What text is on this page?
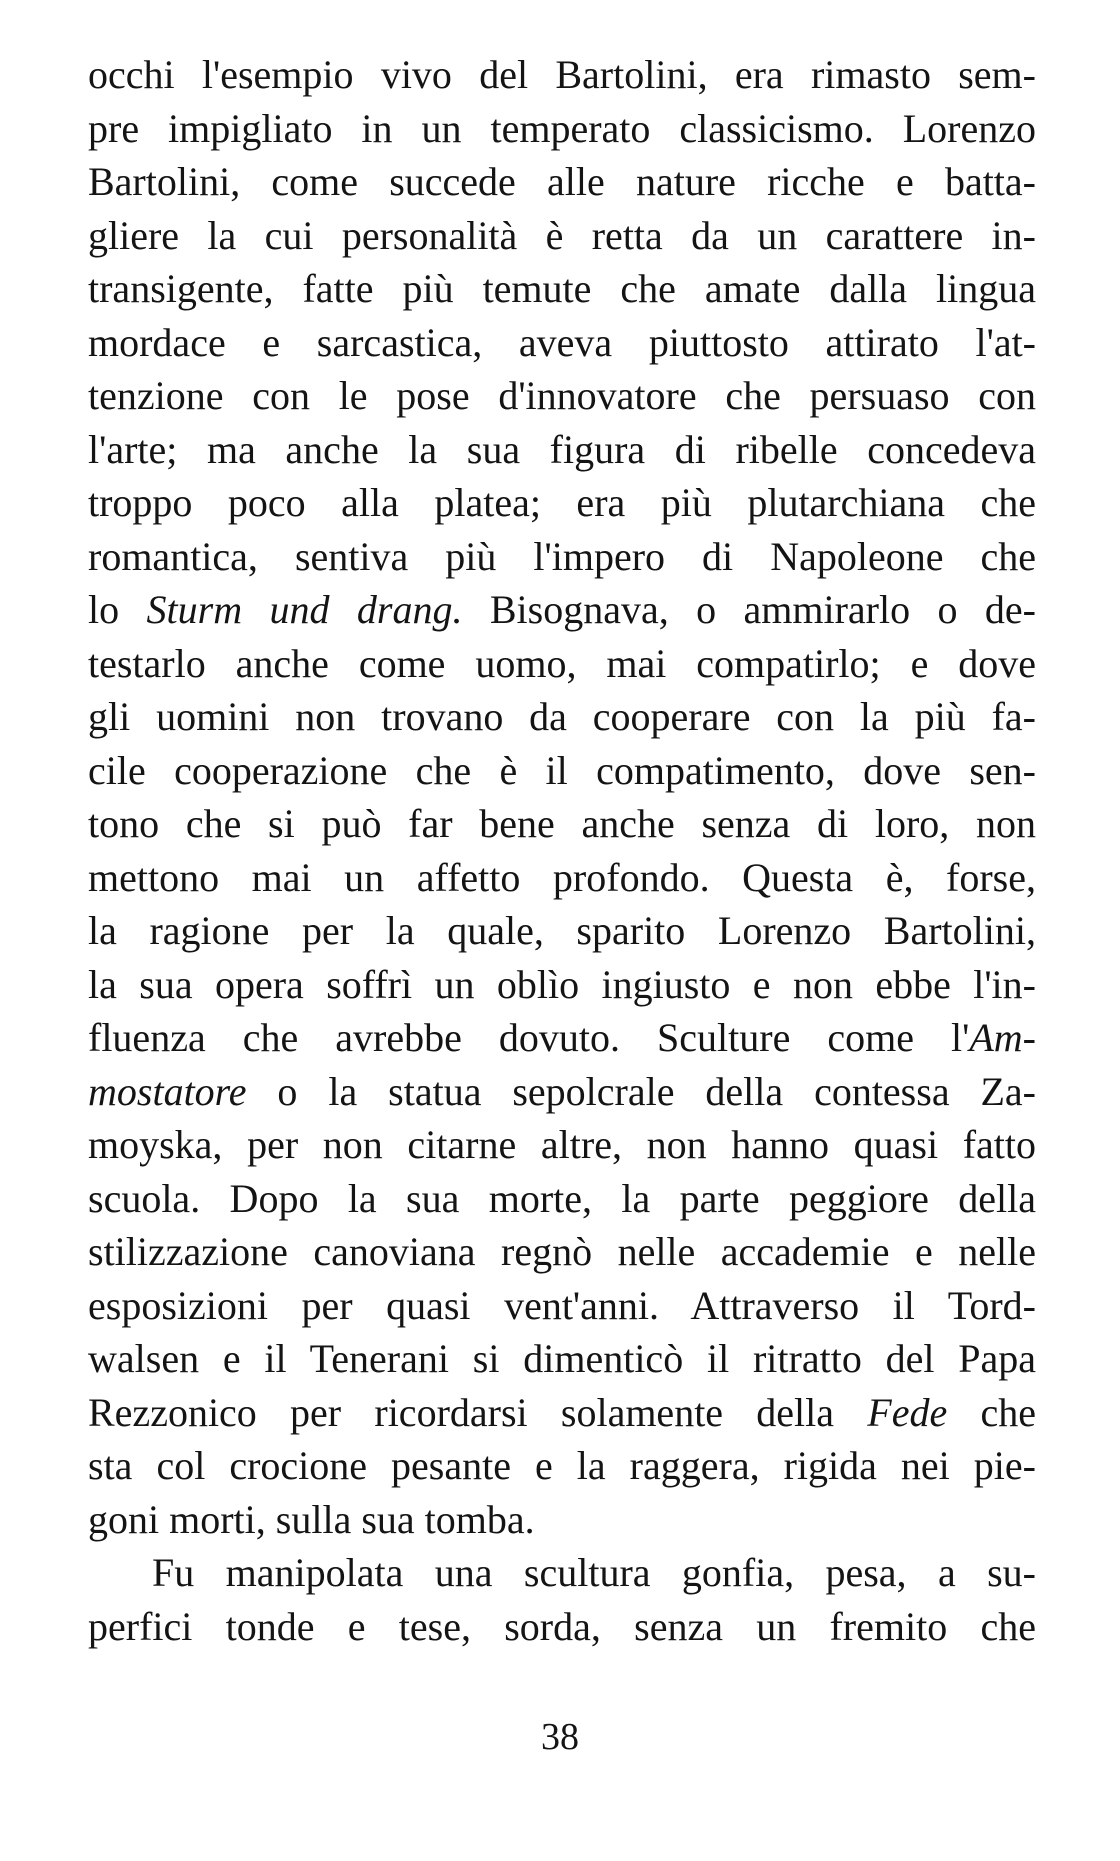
occhi l'esempio vivo del Bartolini, era rimasto sem-
pre impigliato in un temperato classicismo. Lorenzo
Bartolini, come succede alle nature ricche e batta-
gliere la cui personalità è retta da un carattere in-
transigente, fatte più temute che amate dalla lingua
mordace e sarcastica, aveva piuttosto attirato l'at-
tenzione con le pose d'innovatore che persuaso con
l'arte; ma anche la sua figura di ribelle concedeva
troppo poco alla platea; era più plutarchiana che
romantica, sentiva più l'impero di Napoleone che
lo Sturm und drang. Bisognava, o ammirarlo o de-
testarlo anche come uomo, mai compatirlo; e dove
gli uomini non trovano da cooperare con la più fa-
cile cooperazione che è il compatimento, dove sen-
tono che si può far bene anche senza di loro, non
mettono mai un affetto profondo. Questa è, forse,
la ragione per la quale, sparito Lorenzo Bartolini,
la sua opera soffrì un oblìo ingiusto e non ebbe l'in-
fluenza che avrebbe dovuto. Sculture come l'Am-
mostatore o la statua sepolcrale della contessa Za-
moyska, per non citarne altre, non hanno quasi fatto
scuola. Dopo la sua morte, la parte peggiore della
stilizzazione canoviana regnò nelle accademie e nelle
esposizioni per quasi vent'anni. Attraverso il Tord-
walsen e il Tenerani si dimenticò il ritratto del Papa
Rezzonico per ricordarsi solamente della Fede che
sta col crocione pesante e la raggera, rigida nei pie-
goni morti, sulla sua tomba.
Fu manipolata una scultura gonfia, pesa, a su-
perfici tonde e tese, sorda, senza un fremito che
38
